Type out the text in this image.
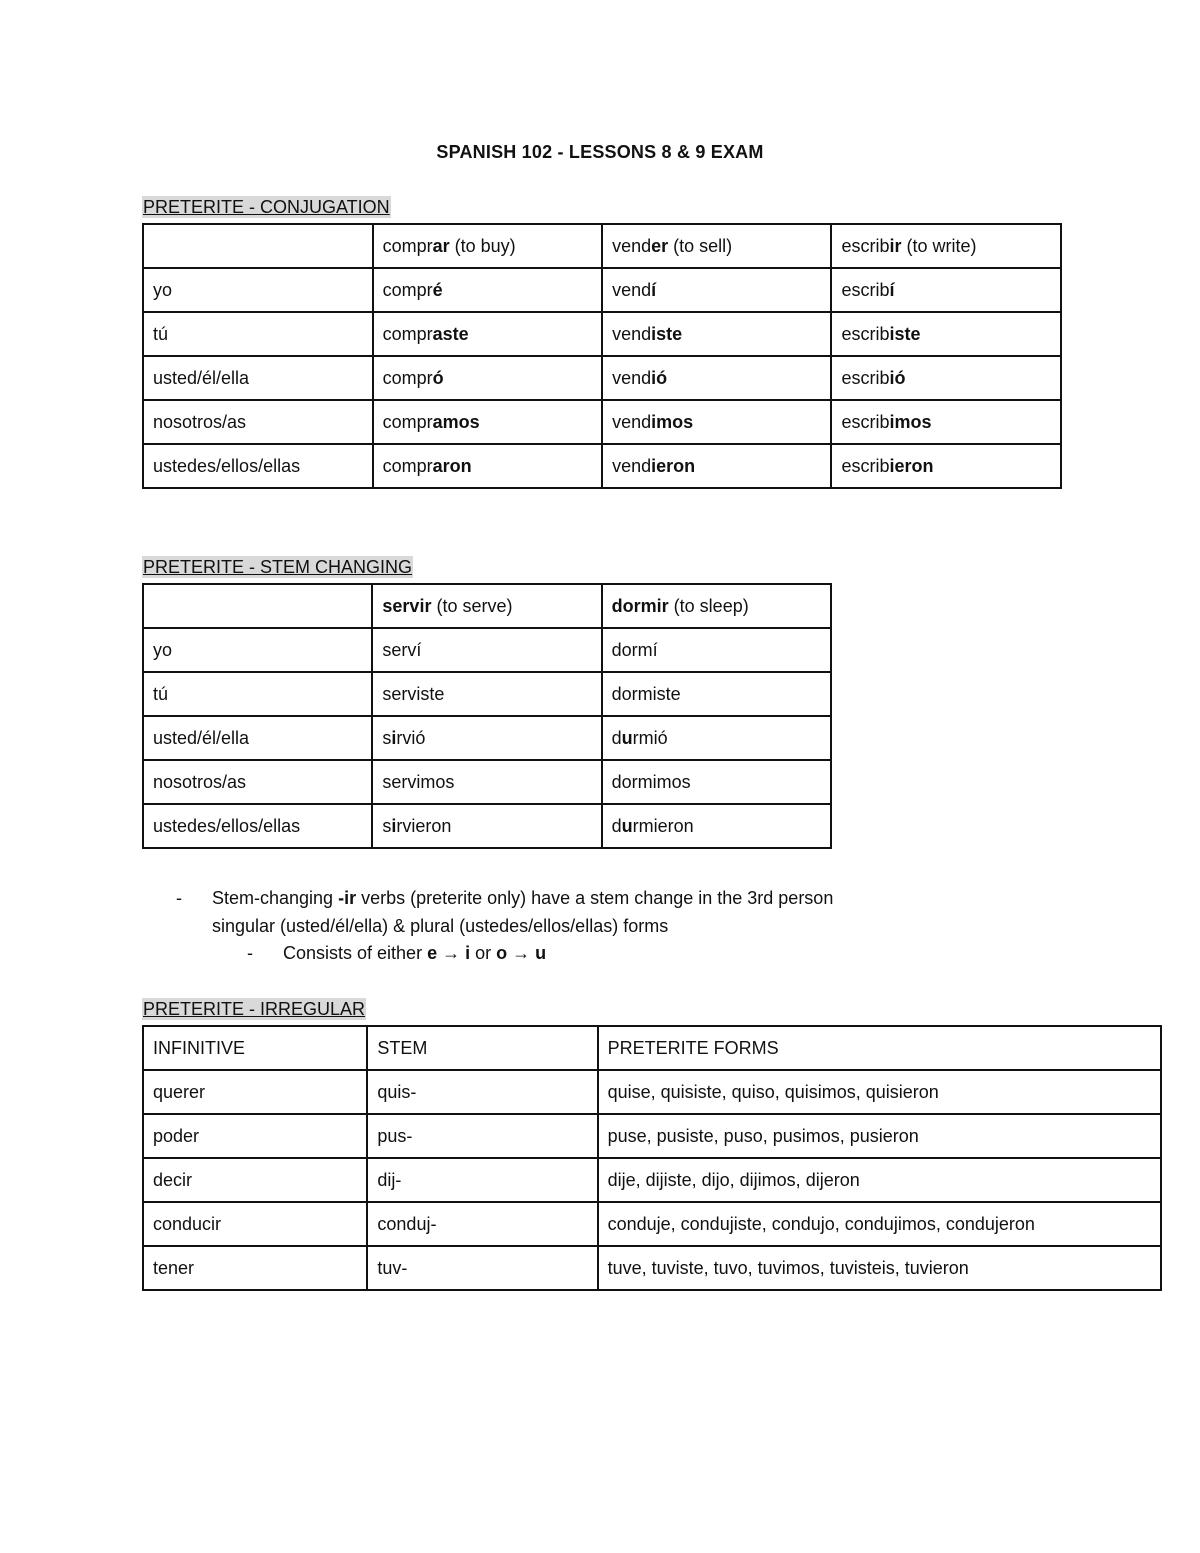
SPANISH 102 - LESSONS 8 & 9 EXAM
PRETERITE - CONJUGATION
	comprar (to buy)	vender (to sell)	escribir (to write)
yo	compré	vendí	escribí
tú	compraste	vendiste	escribiste
usted/él/ella	compró	vendió	escribió
nosotros/as	compramos	vendimos	escribimos
ustedes/ellos/ellas	compraron	vendieron	escribieron
PRETERITE - STEM CHANGING
	servir (to serve)	dormir (to sleep)
yo	serví	dormí
tú	serviste	dormiste
usted/él/ella	sirvió	durmió
nosotros/as	servimos	dormimos
ustedes/ellos/ellas	sirvieron	durmieron
- Stem-changing -ir verbs (preterite only) have a stem change in the 3rd person
singular (usted/él/ella) & plural (ustedes/ellos/ellas) forms
- Consists of either e → i or o → u
PRETERITE - IRREGULAR
INFINITIVE	STEM	PRETERITE FORMS
querer	quis-	quise, quisiste, quiso, quisimos, quisieron
poder	pus-	puse, pusiste, puso, pusimos, pusieron
decir	dij-	dije, dijiste, dijo, dijimos, dijeron
conducir	conduj-	conduje, condujiste, condujo, condujimos, condujeron
tener	tuv-	tuve, tuviste, tuvo, tuvimos, tuvisteis, tuvieron
